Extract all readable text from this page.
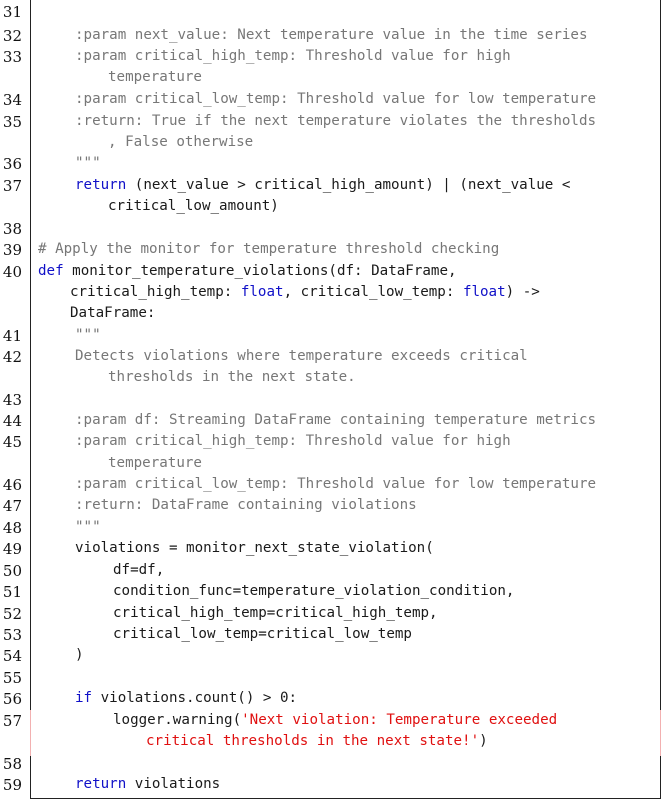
31
32	:param next_value: Next temperature value in the time series
33	:param critical_high_temp: Threshold value for high
temperature
34	:param critical_low_temp: Threshold value for low temperature
35	:return: True if the next temperature violates the thresholds
, False otherwise
36	"""
37	return (next_value > critical_high_amount) | (next_value <
critical_low_amount)
38
39 # Apply the monitor for temperature threshold checking
40 def monitor_temperature_violations(df: DataFrame,
critical_high_temp: float, critical_low_temp: float) ->
DataFrame:
41	"""
42	Detects violations where temperature exceeds critical
thresholds in the next state.
43
44	:param df: Streaming DataFrame containing temperature metrics
45	:param critical_high_temp: Threshold value for high
temperature
46	:param critical_low_temp: Threshold value for low temperature
47	:return: DataFrame containing violations
48	"""
49	violations = monitor_next_state_violation(
50	df=df,
51	condition_func=temperature_violation_condition,
52	critical_high_temp=critical_high_temp,
53	critical_low_temp=critical_low_temp
54	)
55
56	if violations.count() > 0:
57	logger.warning('Next violation: Temperature exceeded
critical thresholds in the next state!')
58
59	return violations
